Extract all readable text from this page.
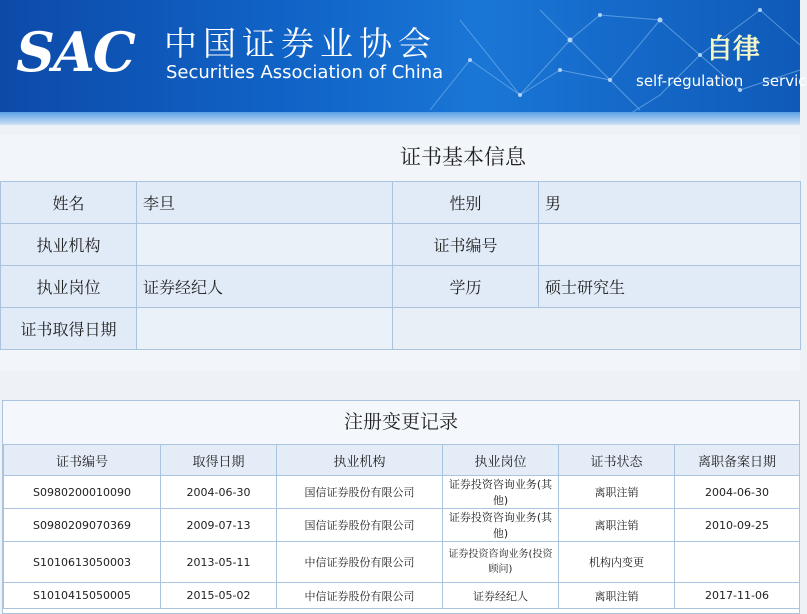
SAC 中国证券业协会
Securities Association of China
自律
self-regulation servic
证书基本信息
姓名	李旦	性别	男
执业机构		证书编号	
执业岗位	证券经纪人	学历	硕士研究生
证书取得日期			
注册变更记录
证书编号	取得日期	执业机构	执业岗位	证书状态	离职备案日期
S0980200010090	2004-06-30	国信证券股份有限公司	证券投资咨询业务(其他)	离职注销	2004-06-30
S0980209070369	2009-07-13	国信证券股份有限公司	证券投资咨询业务(其他)	离职注销	2010-09-25
S1010613050003	2013-05-11	中信证券股份有限公司	证券投资咨询业务(投资顾问)	机构内变更	
S1010415050005	2015-05-02	中信证券股份有限公司	证券经纪人	离职注销	2017-11-06
